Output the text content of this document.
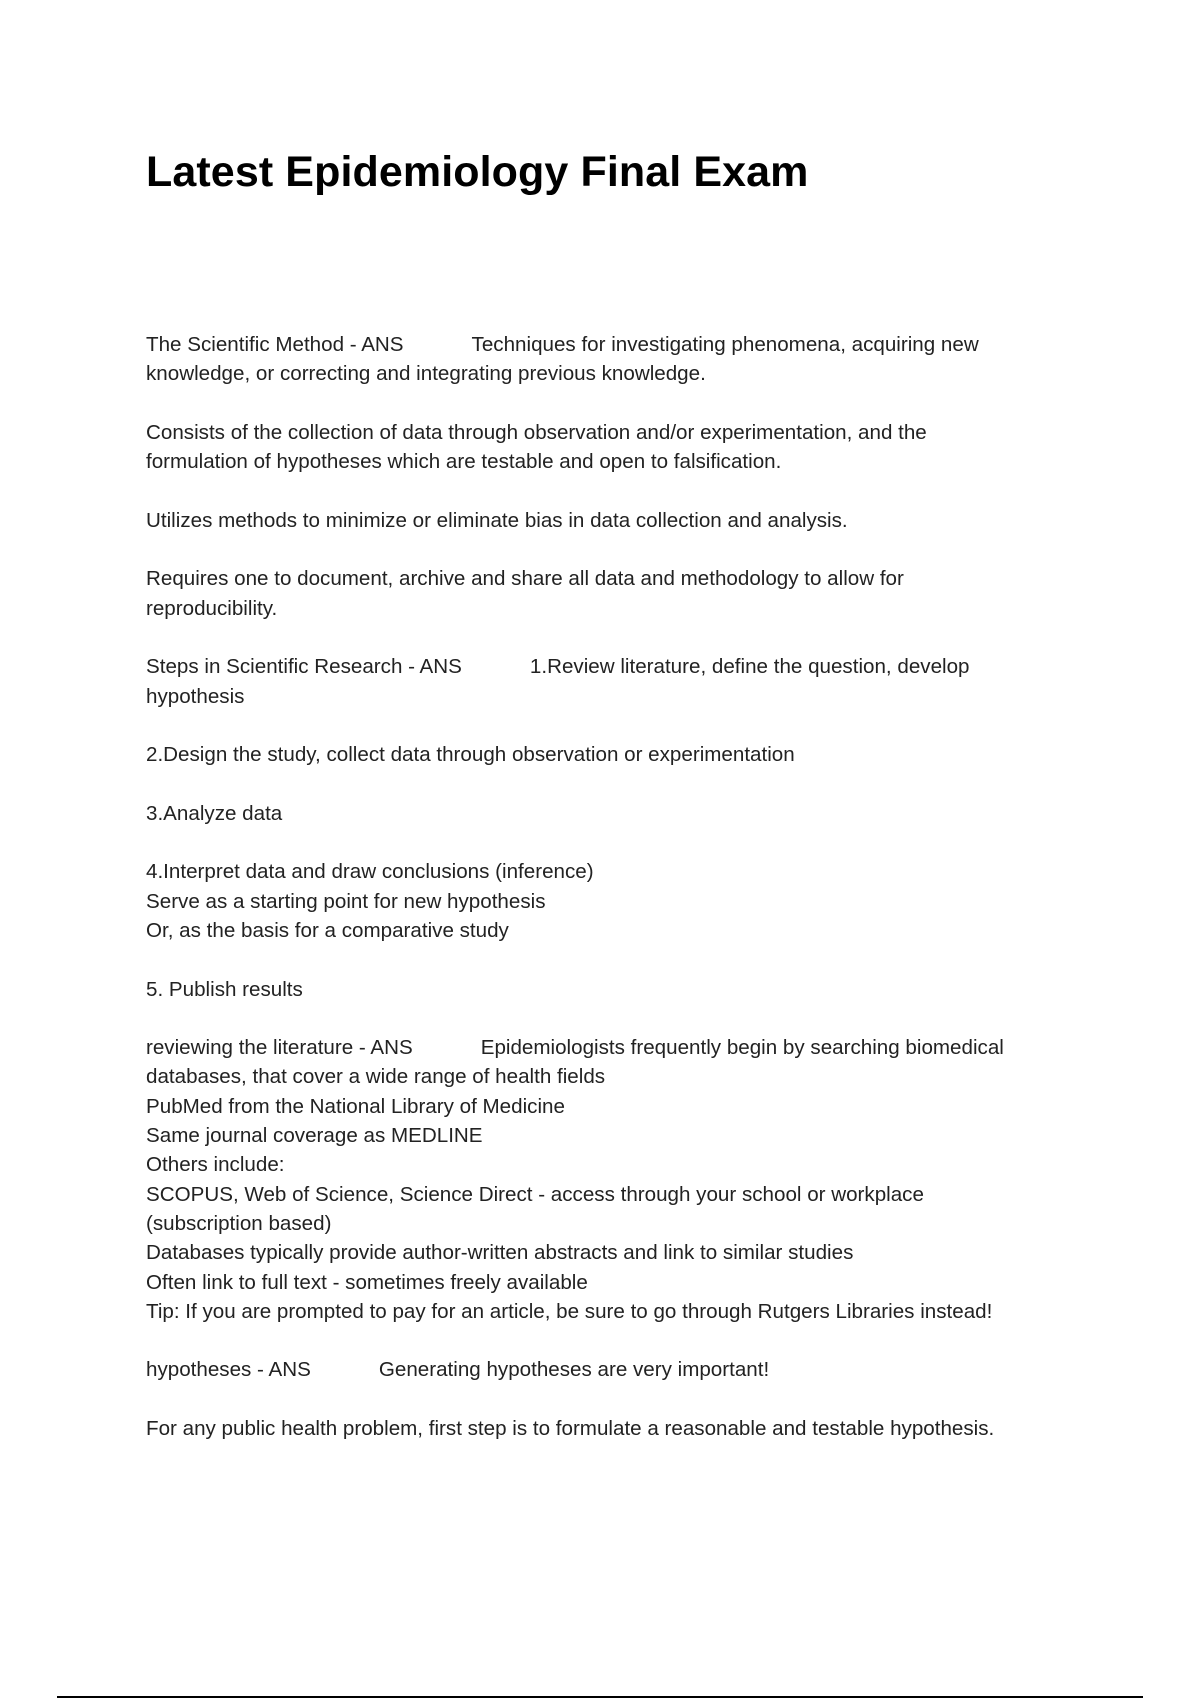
Latest Epidemiology Final Exam

The Scientific Method - ANS	Techniques for investigating phenomena, acquiring new
knowledge, or correcting and integrating previous knowledge.

Consists of the collection of data through observation and/or experimentation, and the
formulation of hypotheses which are testable and open to falsification.

Utilizes methods to minimize or eliminate bias in data collection and analysis.

Requires one to document, archive and share all data and methodology to allow for
reproducibility.

Steps in Scientific Research - ANS	1.Review literature, define the question, develop
hypothesis

2.Design the study, collect data through observation or experimentation

3.Analyze data

4.Interpret data and draw conclusions (inference)
Serve as a starting point for new hypothesis
Or, as the basis for a comparative study

5. Publish results

reviewing the literature - ANS	Epidemiologists frequently begin by searching biomedical
databases, that cover a wide range of health fields
PubMed from the National Library of Medicine
Same journal coverage as MEDLINE
Others include:
SCOPUS, Web of Science, Science Direct - access through your school or workplace
(subscription based)
Databases typically provide author-written abstracts and link to similar studies
Often link to full text - sometimes freely available
Tip: If you are prompted to pay for an article, be sure to go through Rutgers Libraries instead!

hypotheses - ANS	Generating hypotheses are very important!

For any public health problem, first step is to formulate a reasonable and testable hypothesis.
